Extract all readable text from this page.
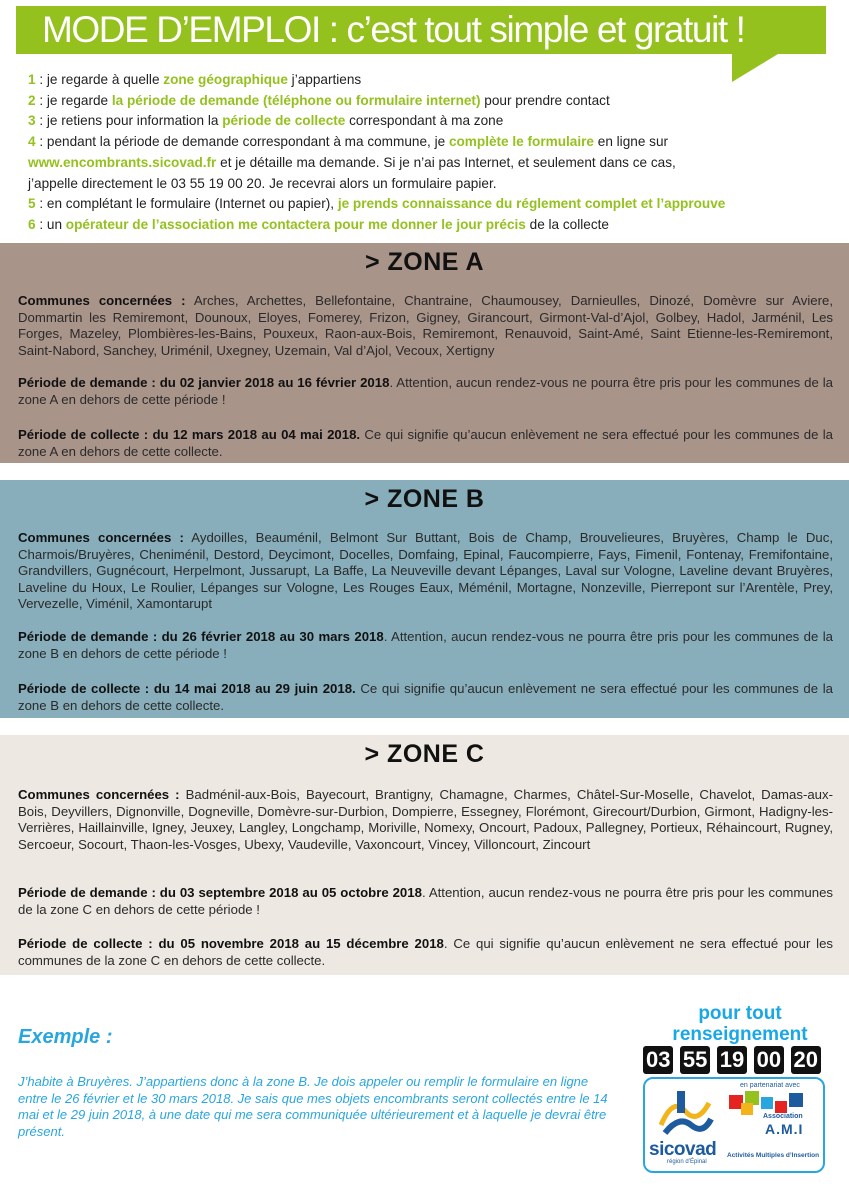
MODE D’EMPLOI : c’est tout simple et gratuit !

1 : je regarde à quelle zone géographique j’appartiens

2 : je regarde la période de demande (téléphone ou formulaire internet) pour prendre contact

3 : je retiens pour information la période de collecte correspondant à ma zone

4 : pendant la période de demande correspondant à ma commune, je complète le formulaire en ligne sur

www.encombrants.sicovad.fr et je détaille ma demande. Si je n’ai pas Internet, et seulement dans ce cas,

j’appelle directement le 03 55 19 00 20. Je recevrai alors un formulaire papier.

5 : en complétant le formulaire (Internet ou papier), je prends connaissance du réglement complet et l’approuve

6 : un opérateur de l’association me contactera pour me donner le jour précis de la collecte

> ZONE A

Communes concernées : Arches, Archettes, Bellefontaine, Chantraine, Chaumousey, Darnieulles, Dinozé, Domèvre sur Aviere, Dommartin les Remiremont, Dounoux, Eloyes, Fomerey, Frizon, Gigney, Girancourt, Girmont-Val-d’Ajol, Golbey, Hadol, Jarménil, Les Forges, Mazeley, Plombières-les-Bains, Pouxeux, Raon-aux-Bois, Remiremont, Renauvoid, Saint-Amé, Saint Etienne-les-Remiremont, Saint-Nabord, Sanchey, Uriménil, Uxegney, Uzemain, Val d’Ajol, Vecoux, Xertigny

Période de demande : du 02 janvier 2018 au 16 février 2018. Attention, aucun rendez-vous ne pourra être pris pour les communes de la zone A en dehors de cette période !

Période de collecte : du 12 mars 2018 au 04 mai 2018. Ce qui signifie qu’aucun enlèvement ne sera effectué pour les communes de la zone A en dehors de cette collecte.

> ZONE B

Communes concernées : Aydoilles, Beauménil, Belmont Sur Buttant, Bois de Champ, Brouvelieures, Bruyères, Champ le Duc, Charmois/Bruyères, Cheniménil, Destord, Deycimont, Docelles, Domfaing, Epinal, Faucompierre, Fays, Fimenil, Fontenay, Fremifontaine, Grandvillers, Gugnécourt, Herpelmont, Jussarupt, La Baffe, La Neuveville devant Lépanges, Laval sur Vologne, Laveline devant Bruyères, Laveline du Houx, Le Roulier, Lépanges sur Vologne, Les Rouges Eaux, Méménil, Mortagne, Nonzeville, Pierrepont sur l’Arentèle, Prey, Vervezelle, Viménil, Xamontarupt

Période de demande : du 26 février 2018 au 30 mars 2018. Attention, aucun rendez-vous ne pourra être pris pour les communes de la zone B en dehors de cette période !

Période de collecte : du 14 mai 2018 au 29 juin 2018. Ce qui signifie qu’aucun enlèvement ne sera effectué pour les communes de la zone B en dehors de cette collecte.

> ZONE C

Communes concernées : Badménil-aux-Bois, Bayecourt, Brantigny, Chamagne, Charmes, Châtel-Sur-Moselle, Chavelot, Damas-aux-Bois, Deyvillers, Dignonville, Dogneville, Domèvre-sur-Durbion, Dompierre, Essegney, Florémont, Girecourt/Durbion, Girmont, Hadigny-les-Verrières, Haillainville, Igney, Jeuxey, Langley, Longchamp, Moriville, Nomexy, Oncourt, Padoux, Pallegney, Portieux, Réhaincourt, Rugney, Sercoeur, Socourt, Thaon-les-Vosges, Ubexy, Vaudeville, Vaxoncourt, Vincey, Villoncourt, Zincourt

Période de demande : du 03 septembre 2018 au 05 octobre 2018. Attention, aucun rendez-vous ne pourra être pris pour les communes de la zone C en dehors de cette période !

Période de collecte : du 05 novembre 2018 au 15 décembre 2018. Ce qui signifie qu’aucun enlèvement ne sera effectué pour les communes de la zone C en dehors de cette collecte.

Exemple :

J’habite à Bruyères. J’appartiens donc à la zone B. Je dois appeler ou remplir le formulaire en ligne entre le 26 février et le 30 mars 2018. Je sais que mes objets encombrants seront collectés entre le 14 mai et le 29 juin 2018, à une date qui me sera communiquée ultérieurement et à laquelle je devrai être présent.

pour tout
renseignement
03 55 19 00 20
sicovad
région d’Épinal
en partenariat avec
Association
A.M.I
Activités Multiples d’Insertion
